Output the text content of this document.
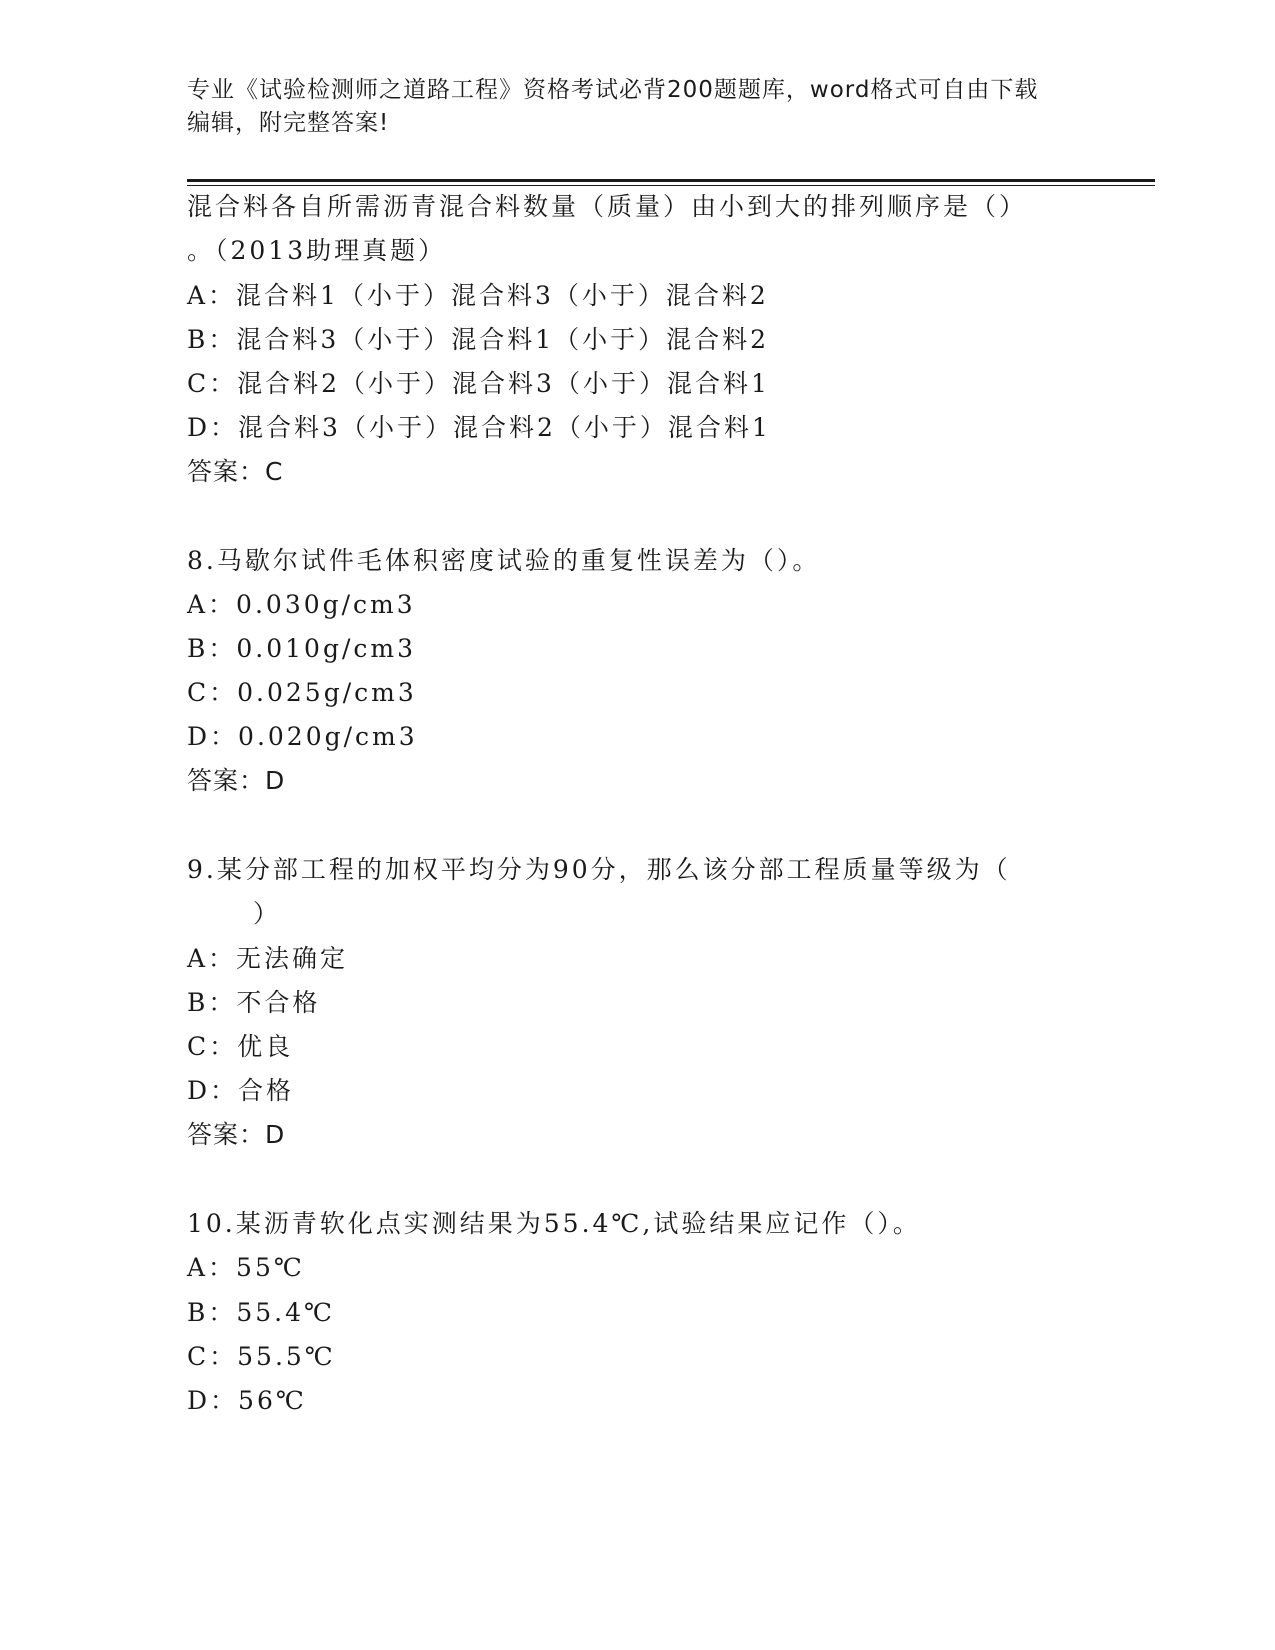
专业《试验检测师之道路工程》资格考试必背200题题库，word格式可自由下载
编辑，附完整答案!
混合料各自所需沥青混合料数量（质量）由小到大的排列顺序是（）
。（2013助理真题）
A：混合料1（小于）混合料3（小于）混合料2
B：混合料3（小于）混合料1（小于）混合料2
C：混合料2（小于）混合料3（小于）混合料1
D：混合料3（小于）混合料2（小于）混合料1
答案：C
8.马歇尔试件毛体积密度试验的重复性误差为（）。
A：0.030g/cm3
B：0.010g/cm3
C：0.025g/cm3
D：0.020g/cm3
答案：D
9.某分部工程的加权平均分为90分，那么该分部工程质量等级为（
）
A：无法确定
B：不合格
C：优良
D：合格
答案：D
10.某沥青软化点实测结果为55.4℃,试验结果应记作（）。
A：55℃
B：55.4℃
C：55.5℃
D：56℃
